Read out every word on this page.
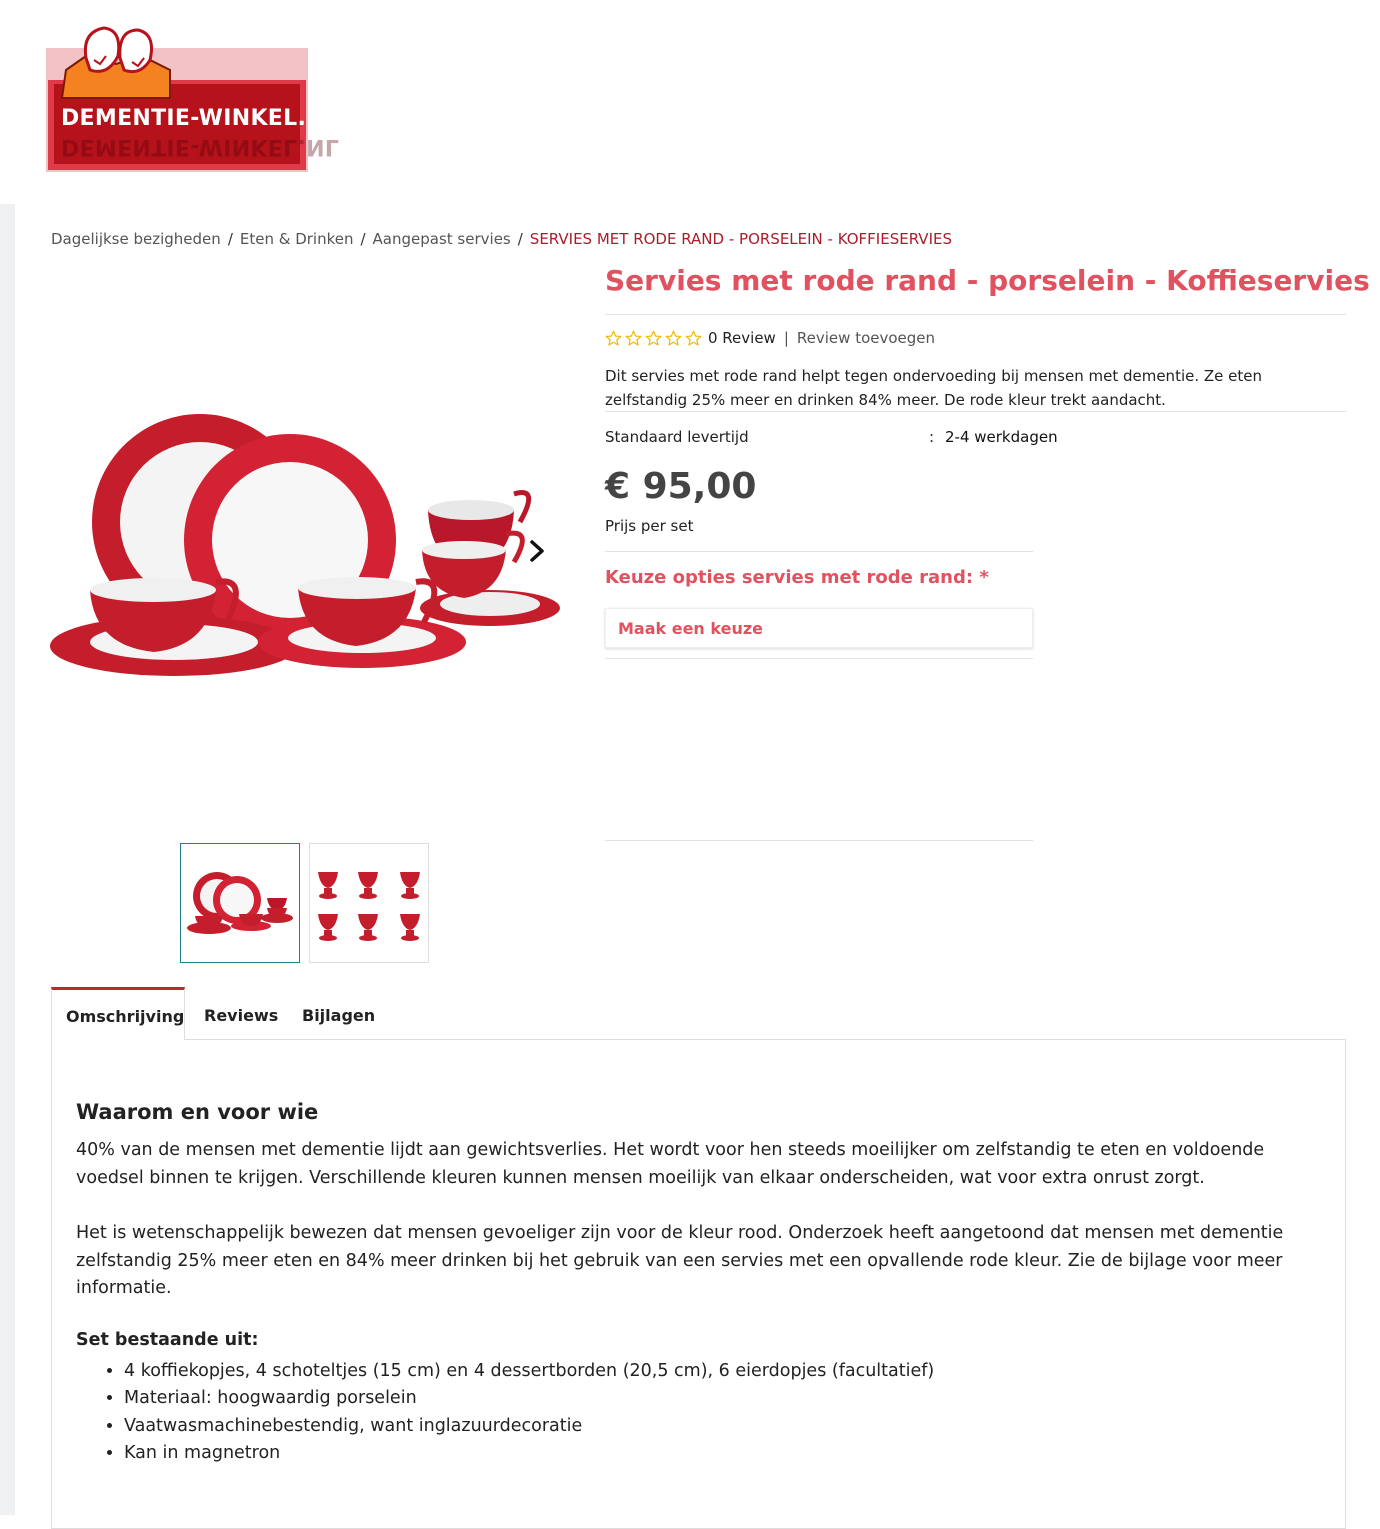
DEMENTIE-WINKEL.NL
DEMENTIE-WINKEL.NL
Dagelijkse bezigheden / Eten & Drinken / Aangepast servies / SERVIES MET RODE RAND - PORSELEIN - KOFFIESERVIES
Servies met rode rand - porselein - Koffieservies
0 Review | Review toevoegen

Dit servies met rode rand helpt tegen ondervoeding bij mensen met dementie. Ze eten zelfstandig 25% meer en drinken 84% meer. De rode kleur trekt aandacht.

Standaard levertijd	: 2-4 werkdagen
€ 95,00
Prijs per set
Keuze opties servies met rode rand: *
Maak een keuze
Omschrijving Reviews Bijlagen
Waarom en voor wie

40% van de mensen met dementie lijdt aan gewichtsverlies. Het wordt voor hen steeds moeilijker om zelfstandig te eten en voldoende voedsel binnen te krijgen. Verschillende kleuren kunnen mensen moeilijk van elkaar onderscheiden, wat voor extra onrust zorgt.

Het is wetenschappelijk bewezen dat mensen gevoeliger zijn voor de kleur rood. Onderzoek heeft aangetoond dat mensen met dementie zelfstandig 25% meer eten en 84% meer drinken bij het gebruik van een servies met een opvallende rode kleur. Zie de bijlage voor meer informatie.

Set bestaande uit:
• 4 koffiekopjes, 4 schoteltjes (15 cm) en 4 dessertborden (20,5 cm), 6 eierdopjes (facultatief)
• Materiaal: hoogwaardig porselein
• Vaatwasmachinebestendig, want inglazuurdecoratie
• Kan in magnetron
